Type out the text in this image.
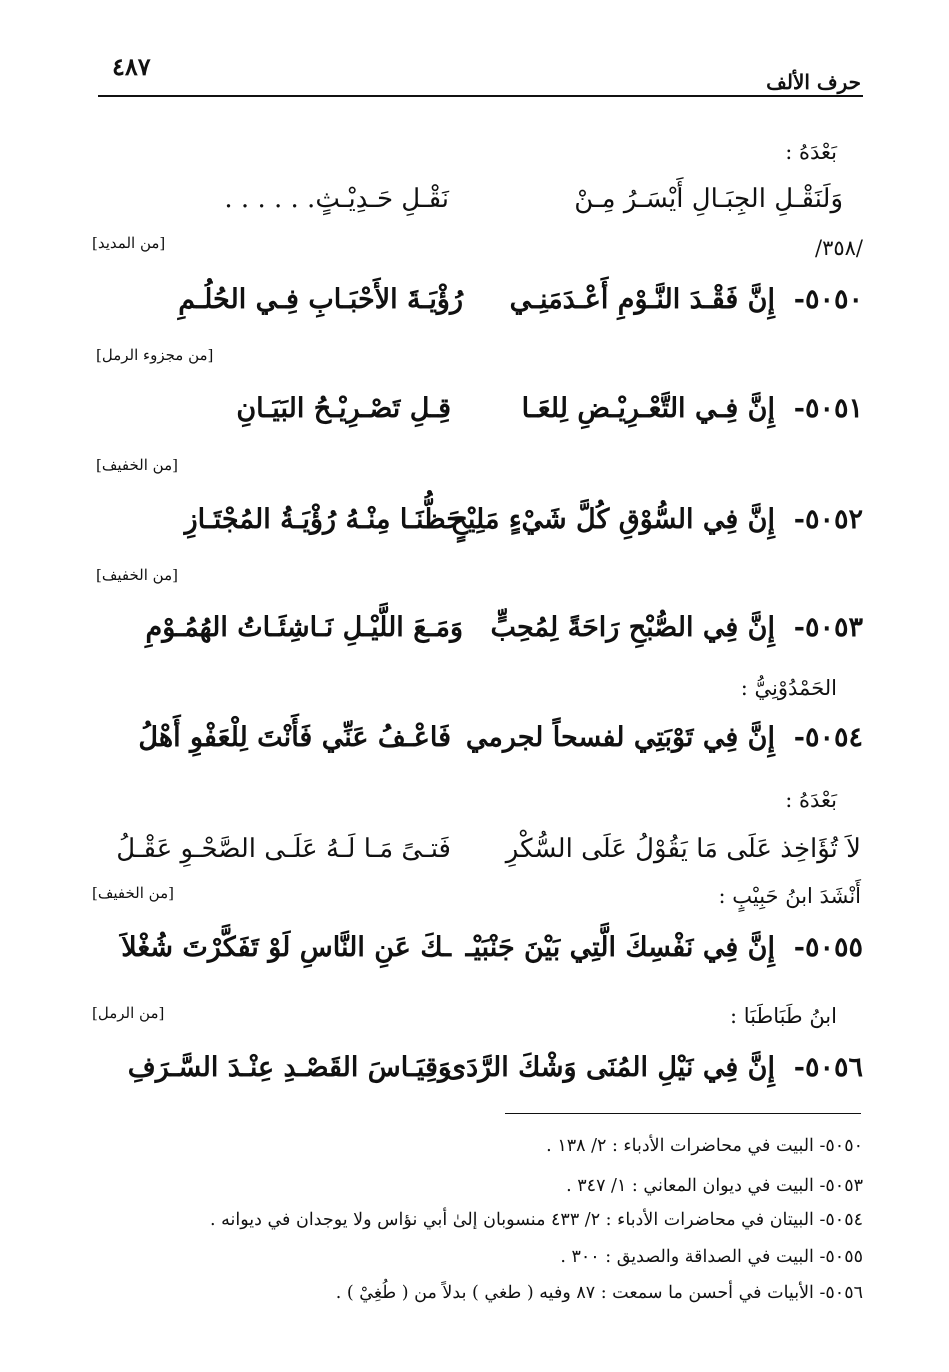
حرف الألف
٤٨٧
بَعْدَهُ :
وَلَنَقْـلِ الجِبَـالِ أَيْسَـرُ مِـنْ
نَقْـلِ حَـدِيْـثٍ. . . . . .
/٣٥٨/
[من المديد]
٥٠٥٠-
إِنَّ فَقْـدَ النَّـوْمِ أَعْـدَمَنِـي
رُؤْيَـةَ الأَحْبَـابِ فِـي الحُلُـمِ
[من مجزوء الرمل]
٥٠٥١-
إِنَّ فِـي التَّعْـرِيْـضِ لِلعَـا
قِـلِ تَصْـرِيْـحُ البَيَـانِ
[من الخفيف]
٥٠٥٢-
إِنَّ فِي السُّوْقِ كُلَّ شَيْءٍ مَلِيْحٍ
حَظُّنَـا مِنْـهُ رُؤْيَـةُ المُجْتَـازِ
[من الخفيف]
٥٠٥٣-
إِنَّ فِي الصُّبْحِ رَاحَةً لِمُحِبٍّ
وَمَـعَ اللَّيْـلِ نَـاشِئَـاتُ الهُمُـوْمِ
الحَمْدُوْنِيُّ :
٥٠٥٤-
إِنَّ فِي تَوْبَتِي لفسحاً لجرمي
فَاعْـفُ عَنِّي فَأَنْتَ لِلْعَفْوِ أَهْلُ
بَعْدَهُ :
لاَ تُؤَاخِذ عَلَى مَا يَقُوْلُ عَلَى السُّكْرِ
فَتـىً مَـا لَـهُ عَلَـى الصَّحْـوِ عَقْـلُ
أَنْشَدَ ابنُ حَبِيْبٍ :
[من الخفيف]
٥٠٥٥-
إِنَّ فِي نَفْسِكَ الَّتِي بَيْنَ جَنْبَيْـ
ـكَ عَنِ النَّاسِ لَوْ تَفَكَّرْتَ شُغْلاَ
ابنُ طَبَاطَبَا :
[من الرمل]
٥٠٥٦-
إِنَّ فِي نَيْلِ المُنَى وَشْكَ الرَّدَى
وَقِيَـاسَ القَصْـدِ عِنْـدَ السَّـرَفِ
٥٠٥٠- البيت في محاضرات الأدباء : ٢/ ١٣٨ .
٥٠٥٣- البيت في ديوان المعاني : ١/ ٣٤٧ .
٥٠٥٤- البيتان في محاضرات الأدباء : ٢/ ٤٣٣ منسوبان إلىٰ أبي نؤاس ولا يوجدان في ديوانه .
٥٠٥٥- البيت في الصداقة والصديق : ٣٠٠ .
٥٠٥٦- الأبيات في أحسن ما سمعت : ٨٧ وفيه ( طغي ) بدلاً من ( طُغِيْ ) .
